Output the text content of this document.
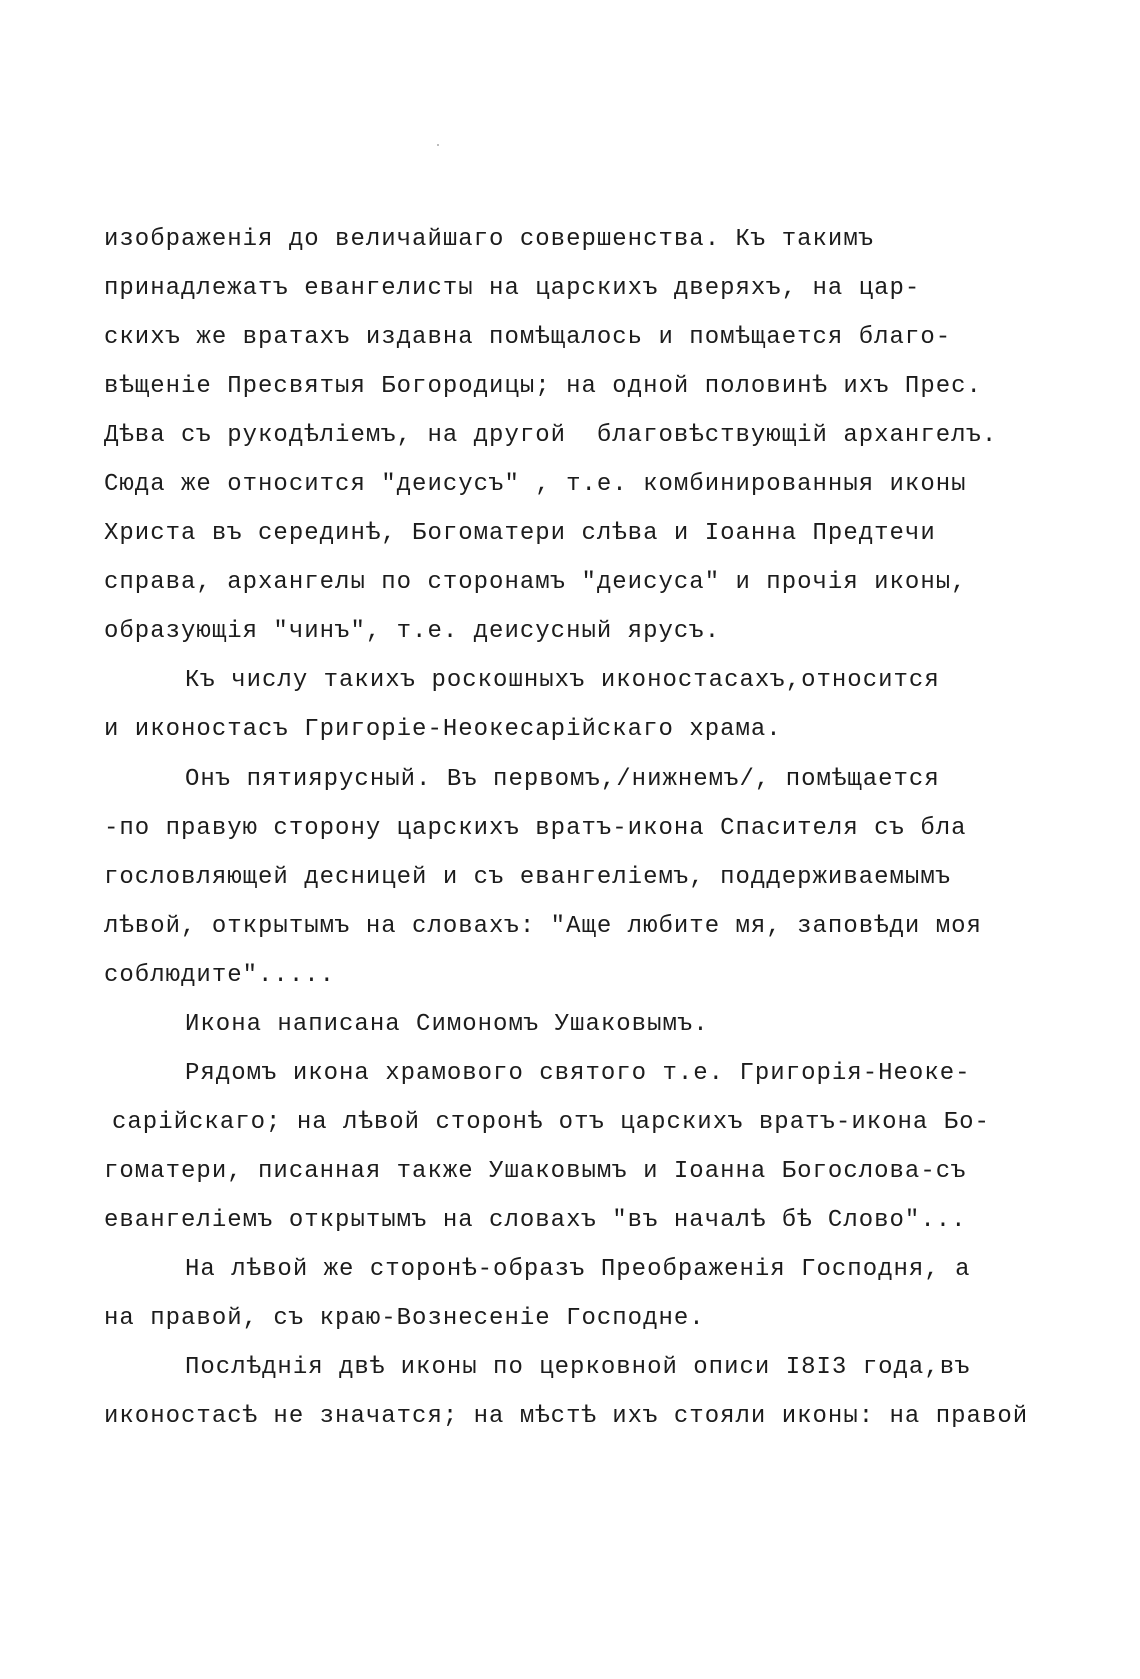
изображенія до величайшаго совершенства. Къ такимъ
принадлежатъ евангелисты на царскихъ дверяхъ, на цар-
скихъ же вратахъ издавна помѣщалось и помѣщается благо-
вѣщеніе Пресвятыя Богородицы; на одной половинѣ ихъ Прес.
Дѣва съ рукодѣліемъ, на другой  благовѣствующій архангелъ.
Сюда же относится "деисусъ" , т.е. комбинированныя иконы
Христа въ серединѣ, Богоматери слѣва и Іоанна Предтечи
справа, архангелы по сторонамъ "деисуса" и прочія иконы,
образующія "чинъ", т.е. деисусный ярусъ.
Къ числу такихъ роскошныхъ иконостасахъ,относится
и иконостасъ Григоріе-Неокесарійскаго храма.
Онъ пятиярусный. Въ первомъ,/нижнемъ/, помѣщается
-по правую сторону царскихъ вратъ-икона Спасителя съ бла
гословляющей десницей и съ евангеліемъ, поддерживаемымъ
лѣвой, открытымъ на словахъ: "Аще любите мя, заповѣди моя
соблюдите".....
Икона написана Симономъ Ушаковымъ.
Рядомъ икона храмового святого т.е. Григорія-Неоке-
сарійскаго; на лѣвой сторонѣ отъ царскихъ вратъ-икона Бо-
гоматери, писанная также Ушаковымъ и Іоанна Богослова-съ
евангеліемъ открытымъ на словахъ "въ началѣ бѣ Слово"...
На лѣвой же сторонѣ-образъ Преображенія Господня, а
на правой, съ краю-Вознесеніе Господне.
Послѣднія двѣ иконы по церковной описи I8I3 года,въ
иконостасѣ не значатся; на мѣстѣ ихъ стояли иконы: на правой
